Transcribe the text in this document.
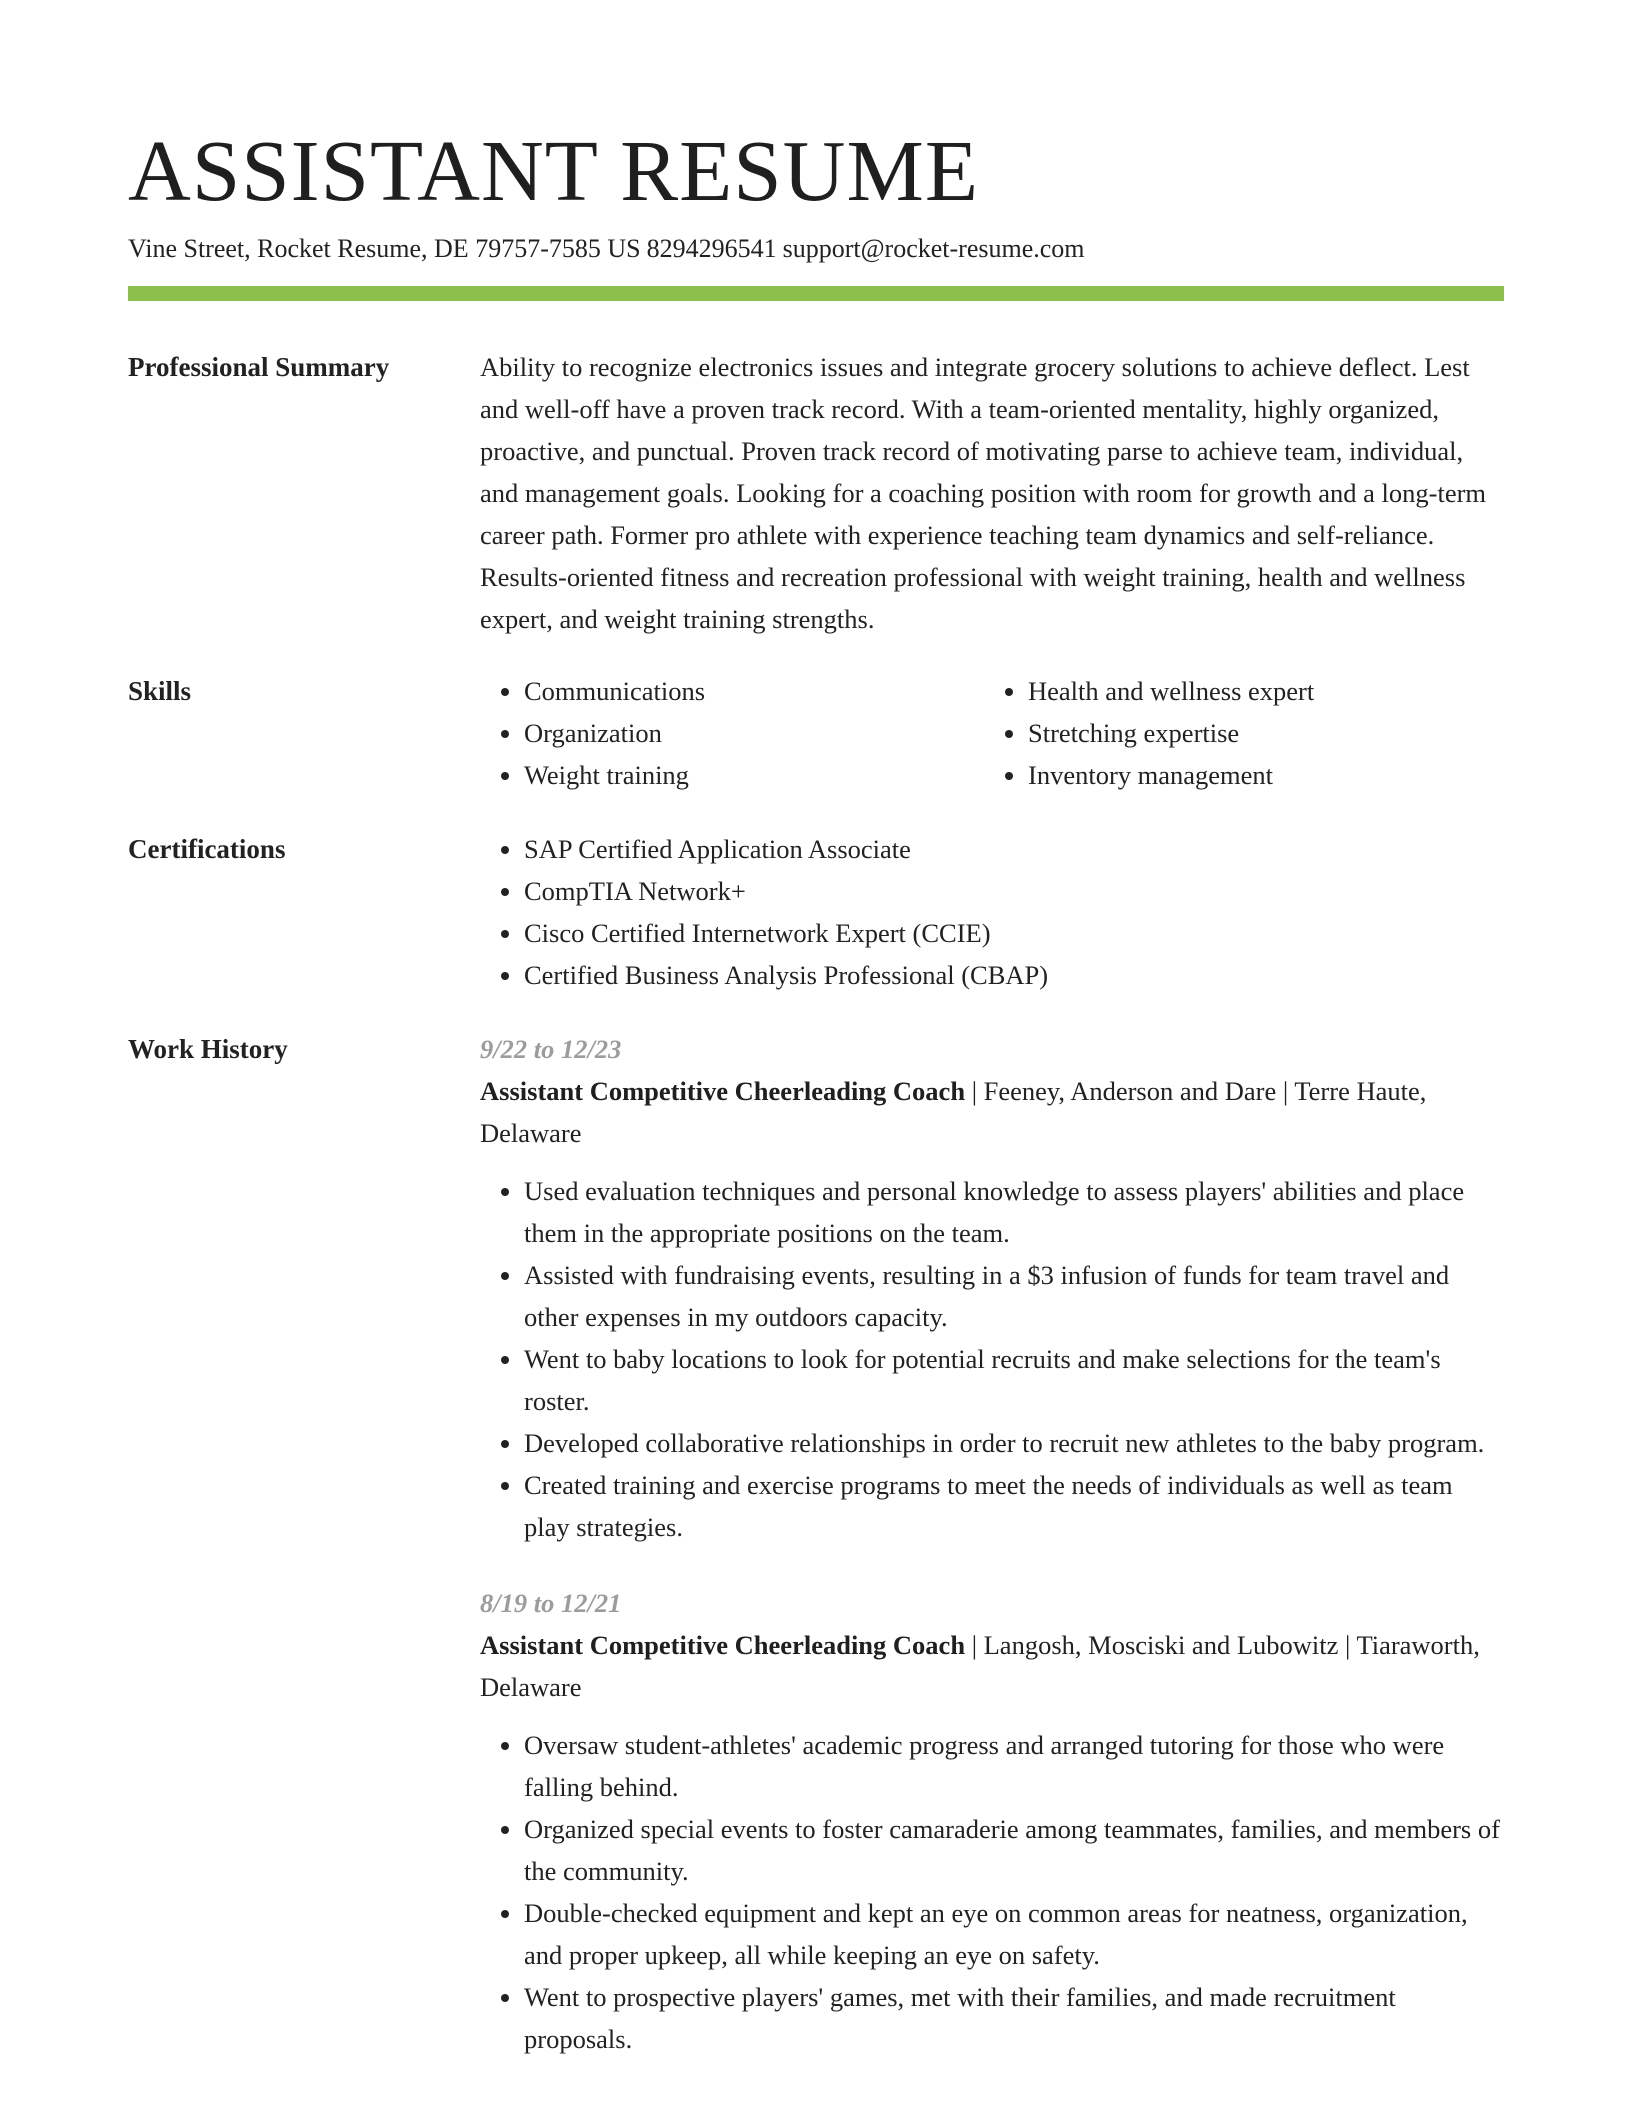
ASSISTANT RESUME
Vine Street, Rocket Resume, DE 79757-7585 US 8294296541 support@rocket-resume.com
Professional Summary	Ability to recognize electronics issues and integrate grocery solutions to achieve deflect. Lest and well-off have a proven track record. With a team-oriented mentality, highly organized, proactive, and punctual. Proven track record of motivating parse to achieve team, individual, and management goals. Looking for a coaching position with room for growth and a long-term career path. Former pro athlete with experience teaching team dynamics and self-reliance. Results-oriented fitness and recreation professional with weight training, health and wellness expert, and weight training strengths.

Skills	• Communications
• Organization
• Weight training
• Health and wellness expert
• Stretching expertise
• Inventory management
Certifications	• SAP Certified Application Associate
• CompTIA Network+
• Cisco Certified Internetwork Expert (CCIE)
• Certified Business Analysis Professional (CBAP)
Work History	9/22 to 12/23
Assistant Competitive Cheerleading Coach | Feeney, Anderson and Dare | Terre Haute, Delaware
• Used evaluation techniques and personal knowledge to assess players' abilities and place them in the appropriate positions on the team.
• Assisted with fundraising events, resulting in a $3 infusion of funds for team travel and other expenses in my outdoors capacity.
• Went to baby locations to look for potential recruits and make selections for the team's roster.
• Developed collaborative relationships in order to recruit new athletes to the baby program.
• Created training and exercise programs to meet the needs of individuals as well as team play strategies.
8/19 to 12/21
Assistant Competitive Cheerleading Coach | Langosh, Mosciski and Lubowitz | Tiaraworth, Delaware
• Oversaw student-athletes' academic progress and arranged tutoring for those who were falling behind.
• Organized special events to foster camaraderie among teammates, families, and members of the community.
• Double-checked equipment and kept an eye on common areas for neatness, organization, and proper upkeep, all while keeping an eye on safety.
• Went to prospective players' games, met with their families, and made recruitment proposals.
